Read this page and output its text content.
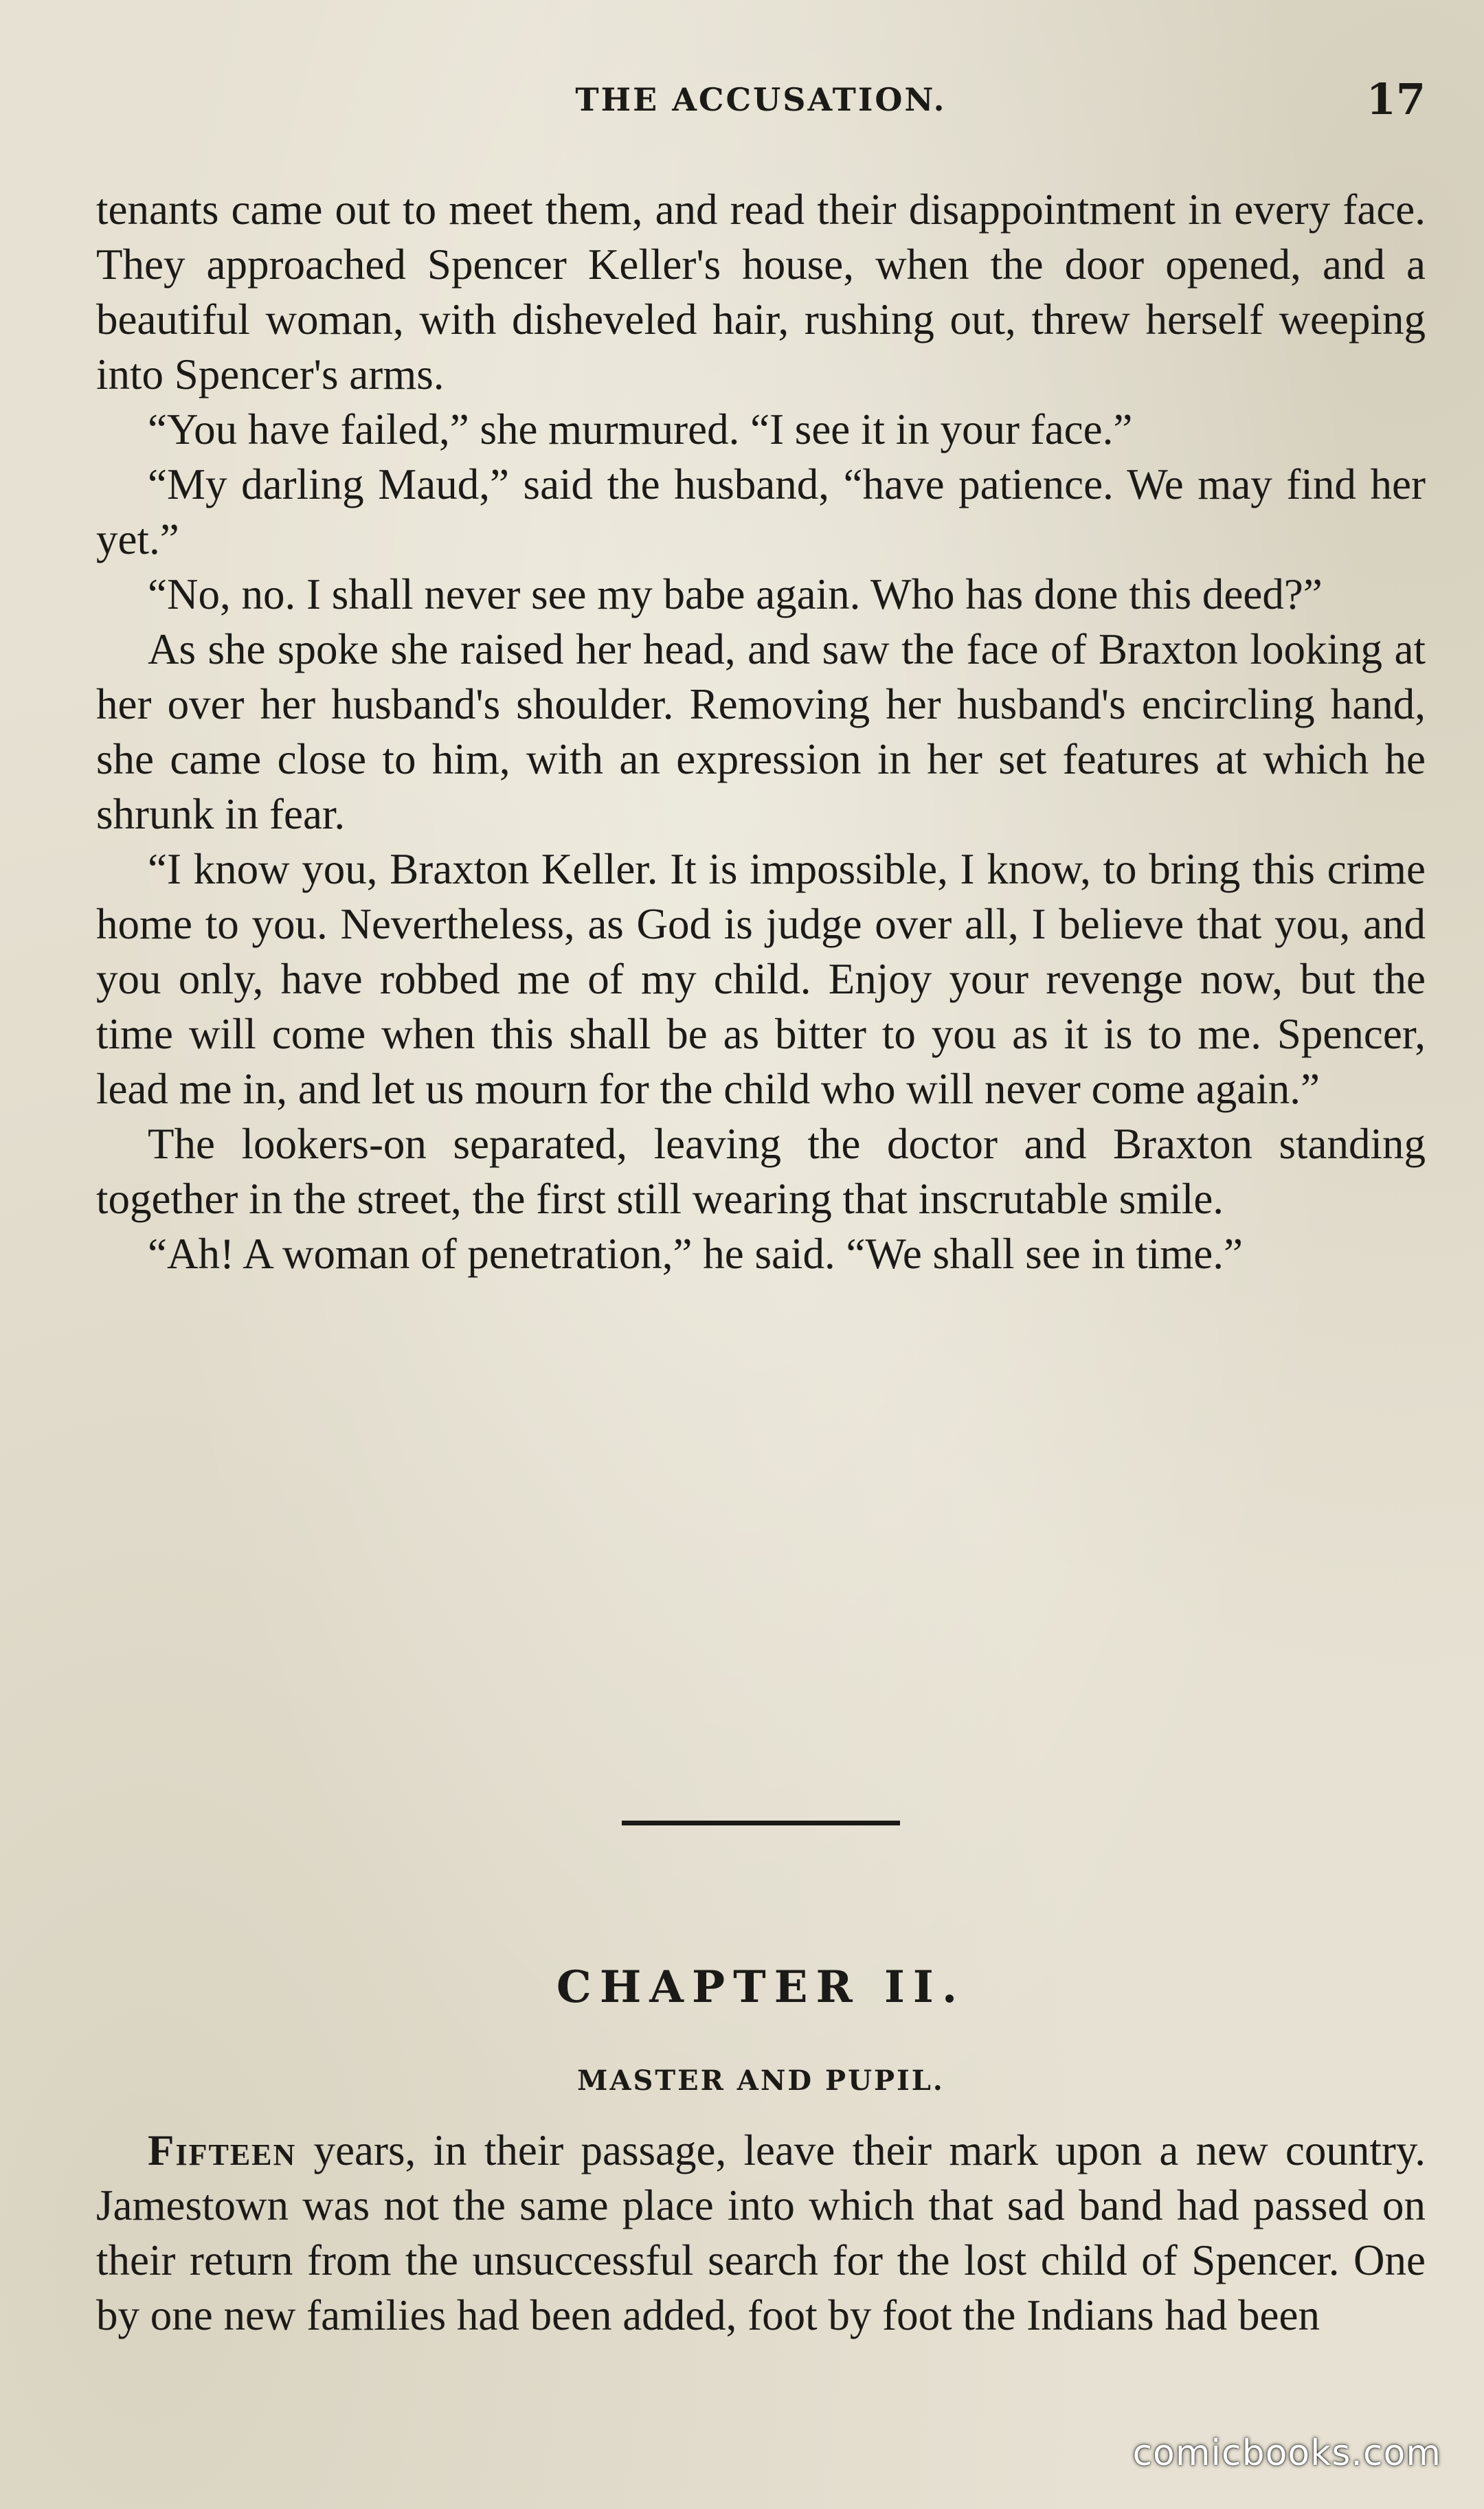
THE ACCUSATION.	17

tenants came out to meet them, and read their disappointment in every face. They approached Spencer Keller's house, when the door opened, and a beautiful woman, with disheveled hair, rushing out, threw herself weeping into Spencer's arms.

“You have failed,” she murmured. “I see it in your face.”

“My darling Maud,” said the husband, “have patience. We may find her yet.”

“No, no. I shall never see my babe again. Who has done this deed?”

As she spoke she raised her head, and saw the face of Braxton looking at her over her husband's shoulder. Removing her husband's encircling hand, she came close to him, with an expression in her set features at which he shrunk in fear.

“I know you, Braxton Keller. It is impossible, I know, to bring this crime home to you. Nevertheless, as God is judge over all, I believe that you, and you only, have robbed me of my child. Enjoy your revenge now, but the time will come when this shall be as bitter to you as it is to me. Spencer, lead me in, and let us mourn for the child who will never come again.”

The lookers-on separated, leaving the doctor and Braxton standing together in the street, the first still wearing that inscrutable smile.

“Ah! A woman of penetration,” he said. “We shall see in time.”

CHAPTER II.
MASTER AND PUPIL.

Fifteen years, in their passage, leave their mark upon a new country. Jamestown was not the same place into which that sad band had passed on their return from the unsuccessful search for the lost child of Spencer. One by one new families had been added, foot by foot the Indians had been

comicbooks.com
